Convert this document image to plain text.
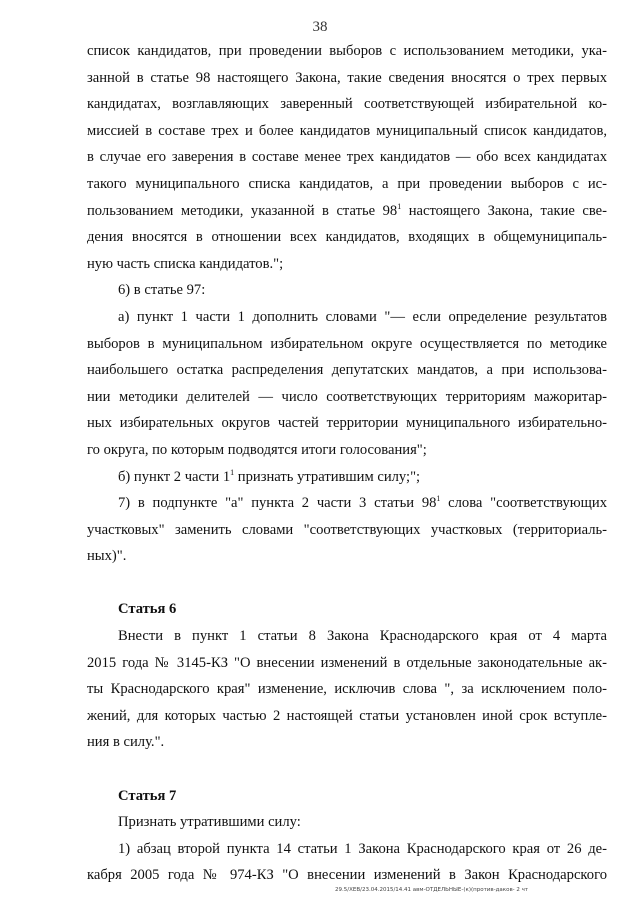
38
список кандидатов, при проведении выборов с использованием методики, ука-
занной в статье 98 настоящего Закона, такие сведения вносятся о трех первых
кандидатах, возглавляющих заверенный соответствующей избирательной ко-
миссией в составе трех и более кандидатов муниципальный список кандидатов,
в случае его заверения в составе менее трех кандидатов — обо всех кандидатах
такого муниципального списка кандидатов, а при проведении выборов с ис-
пользованием методики, указанной в статье $98^1$ настоящего Закона, такие све-
дения вносятся в отношении всех кандидатов, входящих в общемуниципаль-
ную часть списка кандидатов.";
6) в статье 97:
а) пункт 1 части 1 дополнить словами "— если определение результатов
выборов в муниципальном избирательном округе осуществляется по методике
наибольшего остатка распределения депутатских мандатов, а при использова-
нии методики делителей — число соответствующих территориям мажоритар-
ных избирательных округов частей территории муниципального избирательно-
го округа, по которым подводятся итоги голосования";
б) пункт 2 части $1^1$ признать утратившим силу;";
7) в подпункте "а" пункта 2 части 3 статьи $98^1$ слова "соответствующих
участковых" заменить словами "соответствующих участковых (территориаль-
ных)".
Статья 6
Внести в пункт 1 статьи 8 Закона Краснодарского края от 4 марта
2015 года № 3145-КЗ "О внесении изменений в отдельные законодательные ак-
ты Краснодарского края" изменение, исключив слова ", за исключением поло-
жений, для которых частью 2 настоящей статьи установлен иной срок вступле-
ния в силу.".
Статья 7
Признать утратившими силу:
1) абзац второй пункта 14 статьи 1 Закона Краснодарского края от 26 де-
кабря 2005 года № 974-КЗ "О внесении изменений в Закон Краснодарского
29.5/ХЕВ/23.04.2015/14.41 авм-ОТДЕЛЬНЫЕ-(к)(против-даков- 2 чт
